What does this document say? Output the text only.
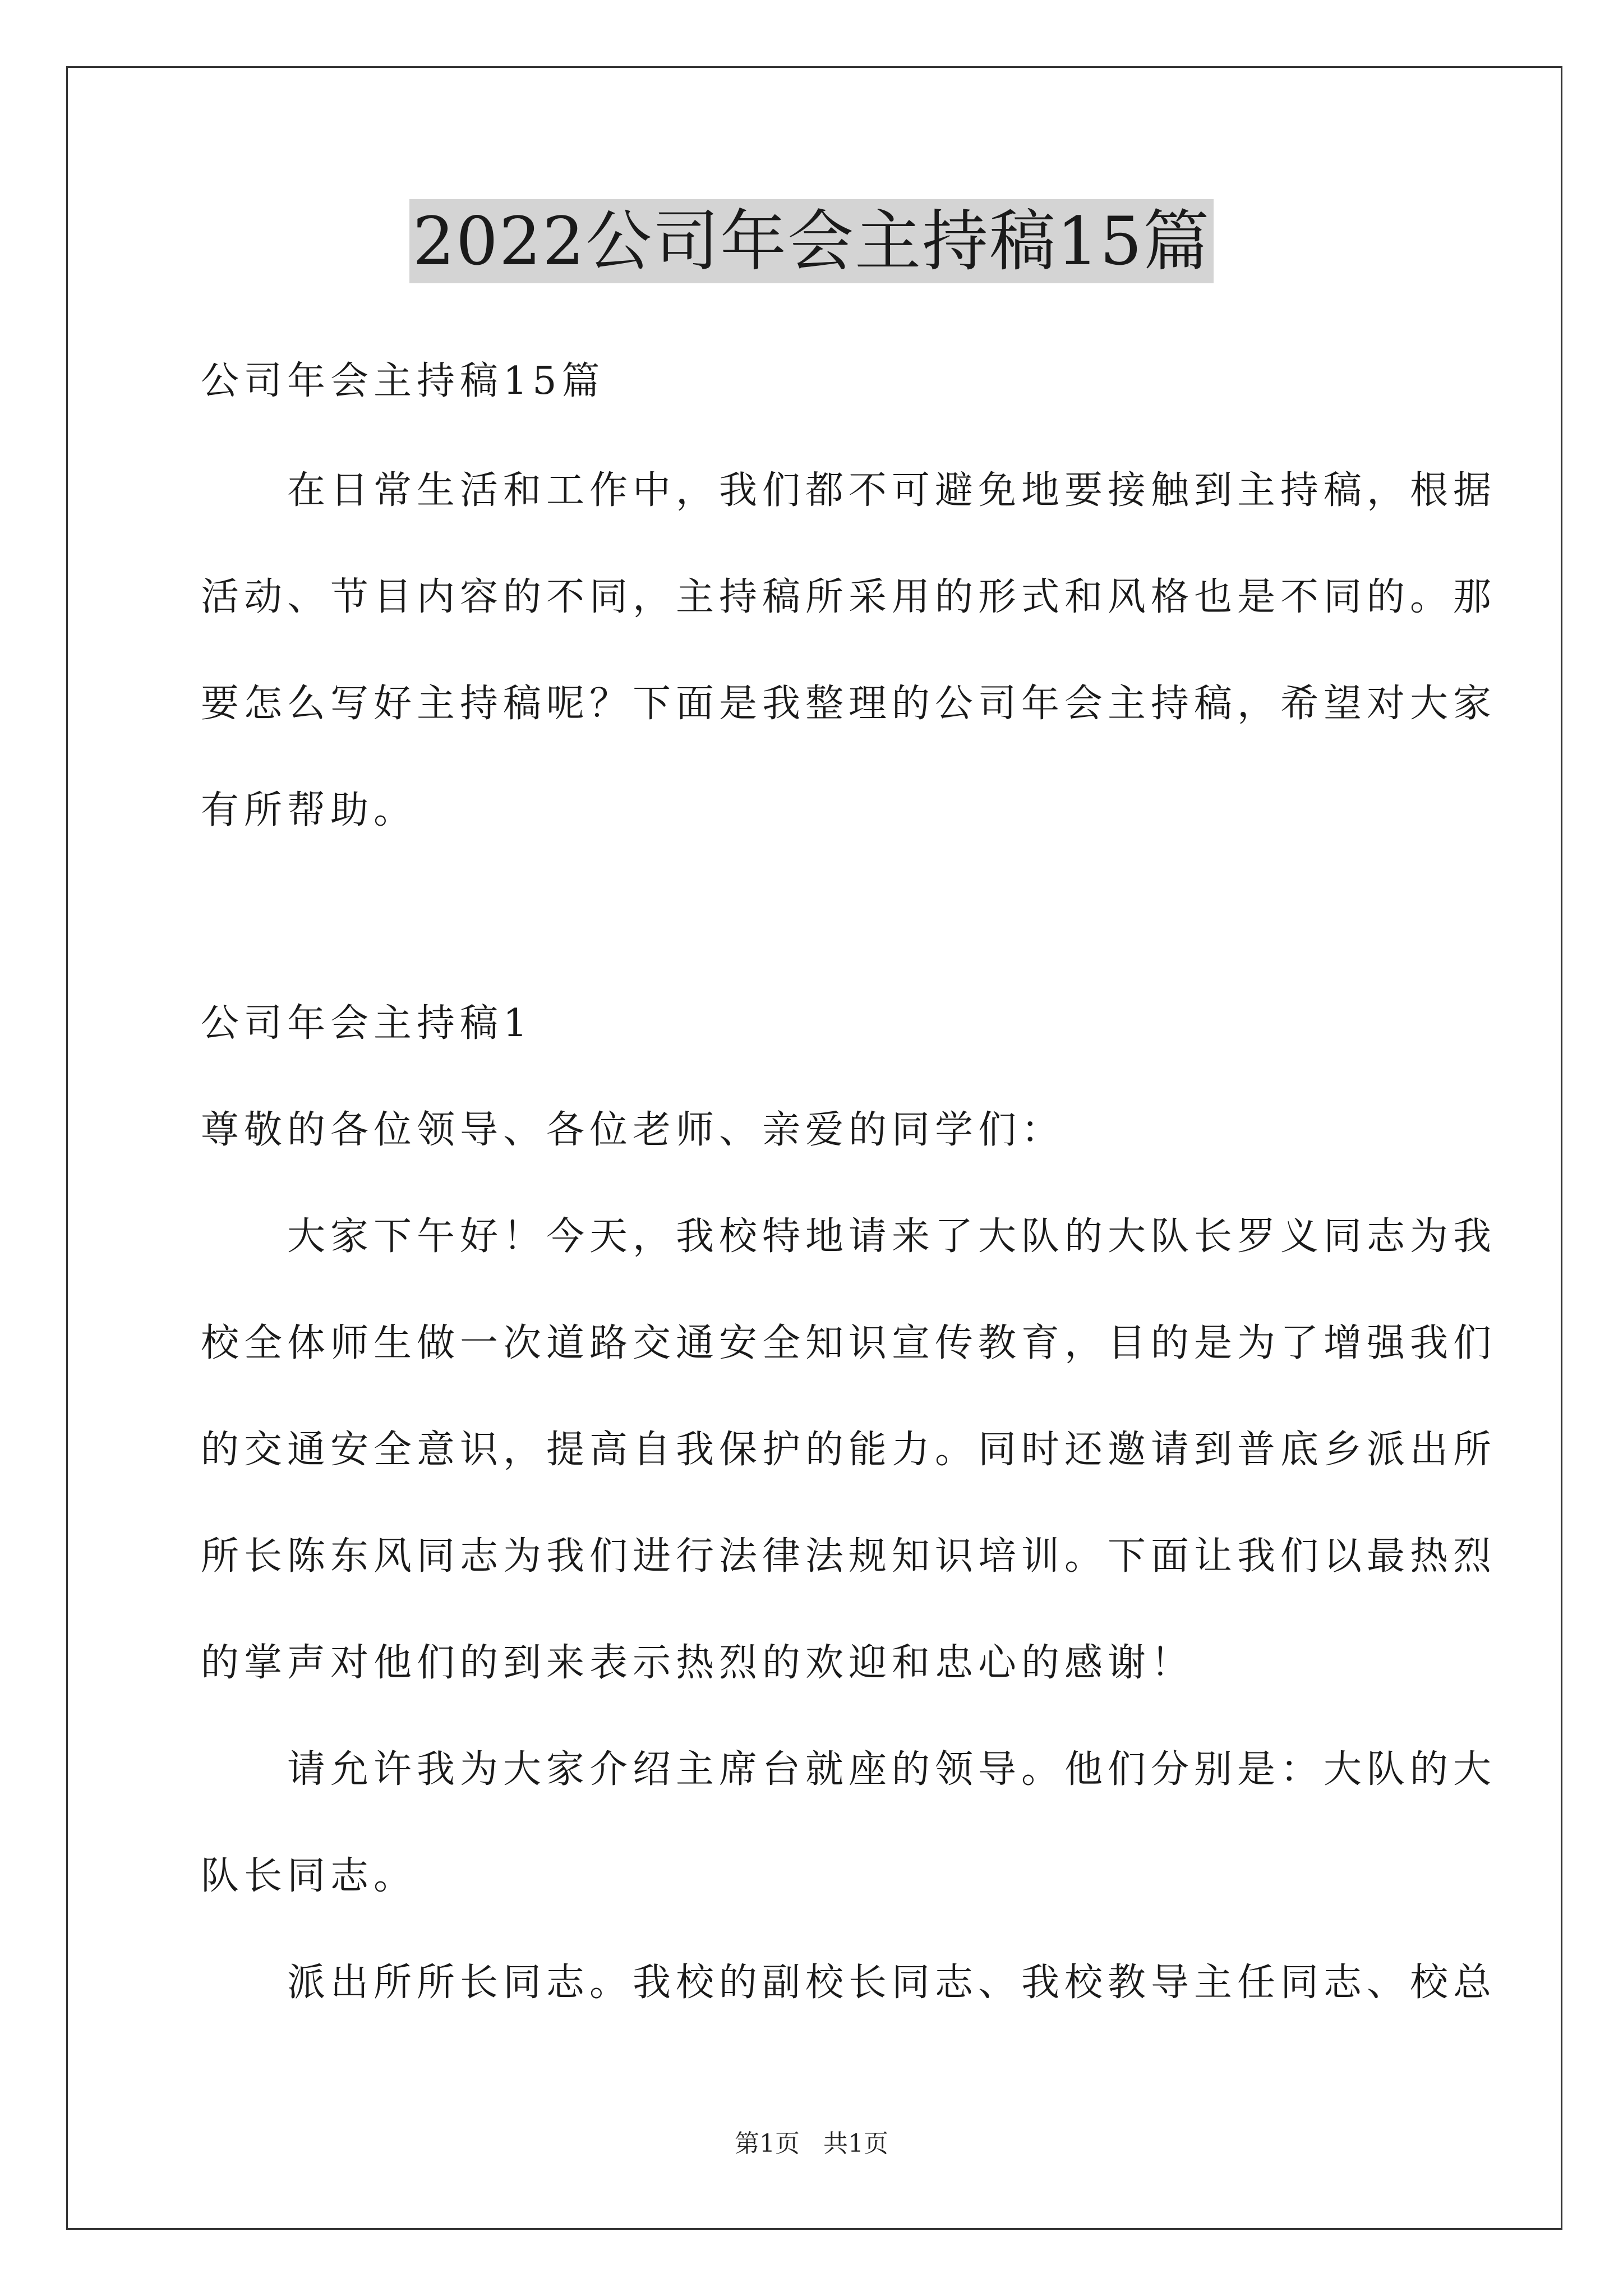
2022公司年会主持稿15篇

公司年会主持稿15篇

　　在日常生活和工作中，我们都不可避免地要接触到主持稿，根据

活动、节目内容的不同，主持稿所采用的形式和风格也是不同的。那

要怎么写好主持稿呢？下面是我整理的公司年会主持稿，希望对大家

有所帮助。

公司年会主持稿1

尊敬的各位领导、各位老师、亲爱的同学们：

　　大家下午好！今天，我校特地请来了大队的大队长罗义同志为我

校全体师生做一次道路交通安全知识宣传教育，目的是为了增强我们

的交通安全意识，提高自我保护的能力。同时还邀请到普底乡派出所

所长陈东风同志为我们进行法律法规知识培训。下面让我们以最热烈

的掌声对他们的到来表示热烈的欢迎和忠心的感谢！

　　请允许我为大家介绍主席台就座的领导。他们分别是：大队的大

队长同志。

　　派出所所长同志。我校的副校长同志、我校教导主任同志、校总

第1页 共1页
